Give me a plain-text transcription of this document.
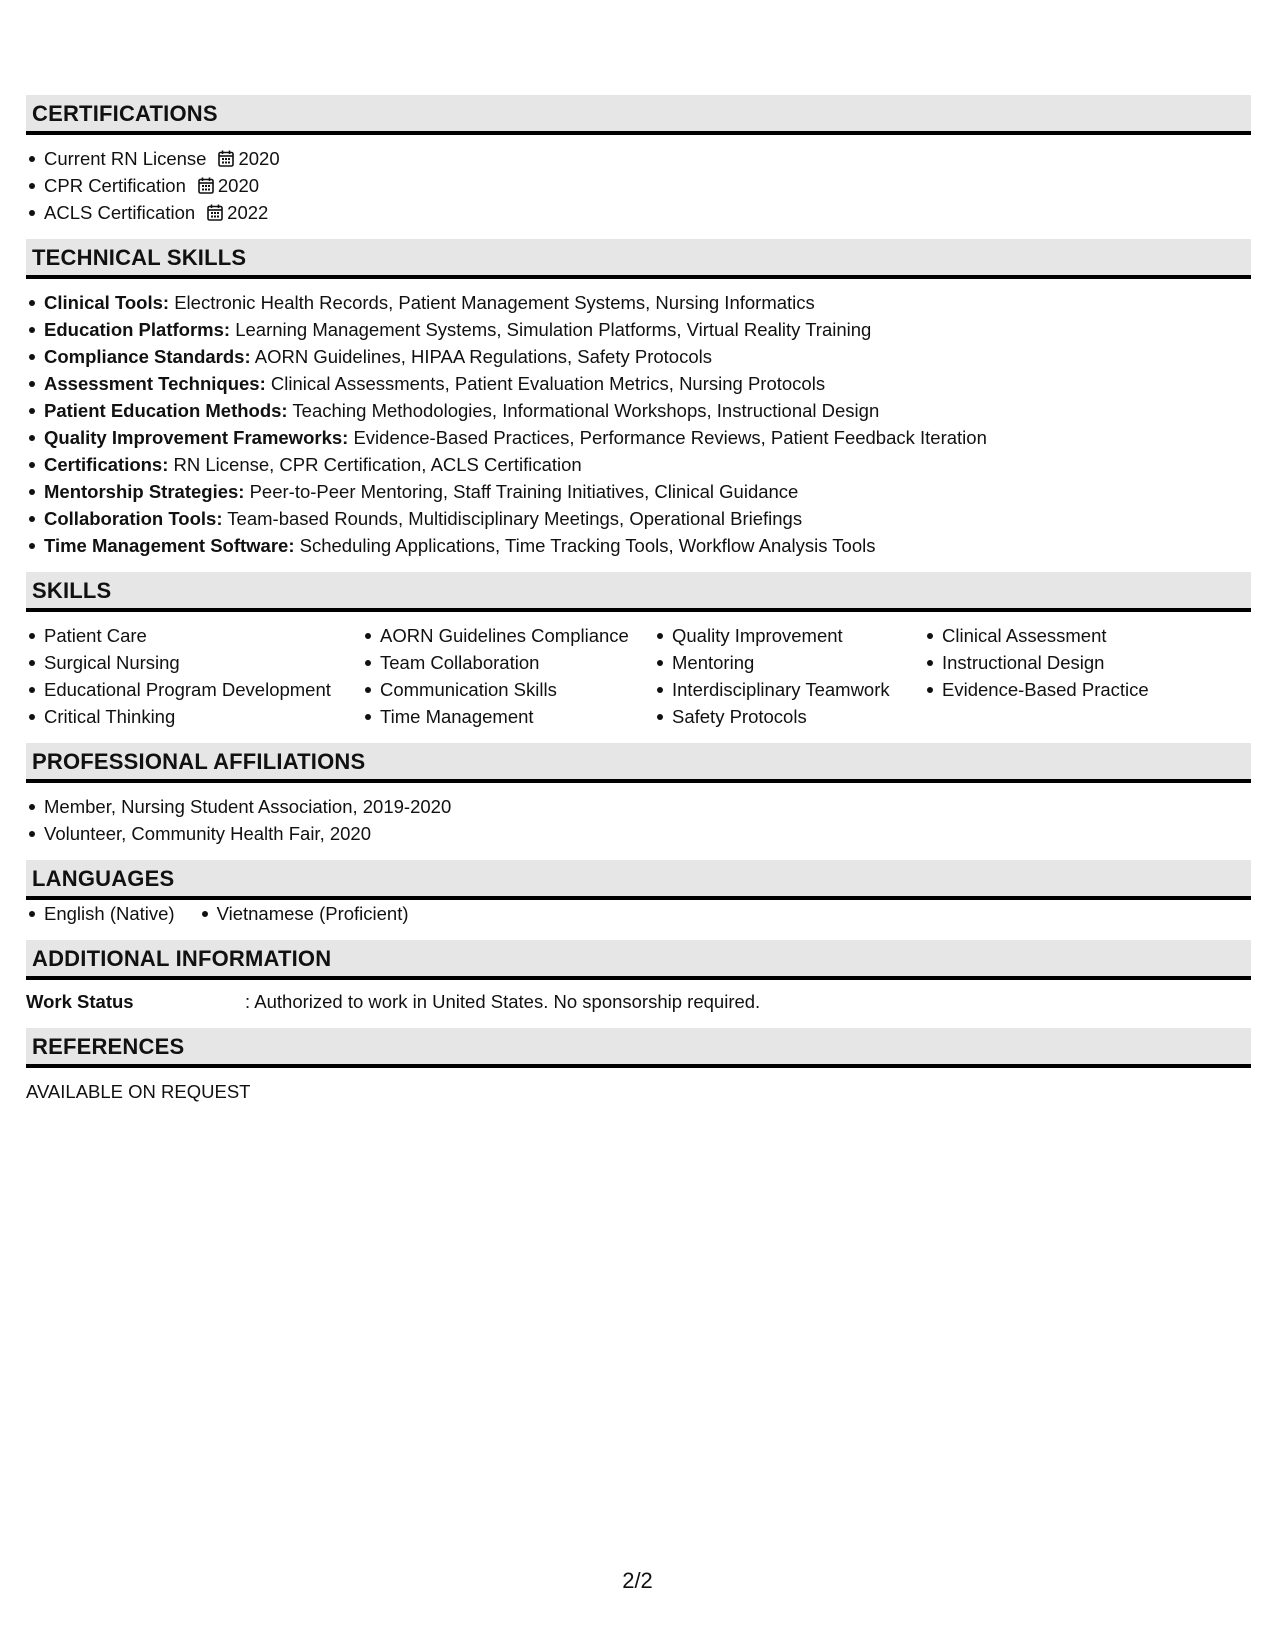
CERTIFICATIONS
Current RN License 2020
CPR Certification 2020
ACLS Certification 2022
TECHNICAL SKILLS
Clinical Tools: Electronic Health Records, Patient Management Systems, Nursing Informatics
Education Platforms: Learning Management Systems, Simulation Platforms, Virtual Reality Training
Compliance Standards: AORN Guidelines, HIPAA Regulations, Safety Protocols
Assessment Techniques: Clinical Assessments, Patient Evaluation Metrics, Nursing Protocols
Patient Education Methods: Teaching Methodologies, Informational Workshops, Instructional Design
Quality Improvement Frameworks: Evidence-Based Practices, Performance Reviews, Patient Feedback Iteration
Certifications: RN License, CPR Certification, ACLS Certification
Mentorship Strategies: Peer-to-Peer Mentoring, Staff Training Initiatives, Clinical Guidance
Collaboration Tools: Team-based Rounds, Multidisciplinary Meetings, Operational Briefings
Time Management Software: Scheduling Applications, Time Tracking Tools, Workflow Analysis Tools
SKILLS
Patient Care
Surgical Nursing
Educational Program Development
Critical Thinking
AORN Guidelines Compliance
Team Collaboration
Communication Skills
Time Management
Quality Improvement
Mentoring
Interdisciplinary Teamwork
Safety Protocols
Clinical Assessment
Instructional Design
Evidence-Based Practice
PROFESSIONAL AFFILIATIONS
Member, Nursing Student Association, 2019-2020
Volunteer, Community Health Fair, 2020
LANGUAGES
English (Native)	Vietnamese (Proficient)
ADDITIONAL INFORMATION
Work Status	: Authorized to work in United States. No sponsorship required.
REFERENCES
AVAILABLE ON REQUEST
2/2
